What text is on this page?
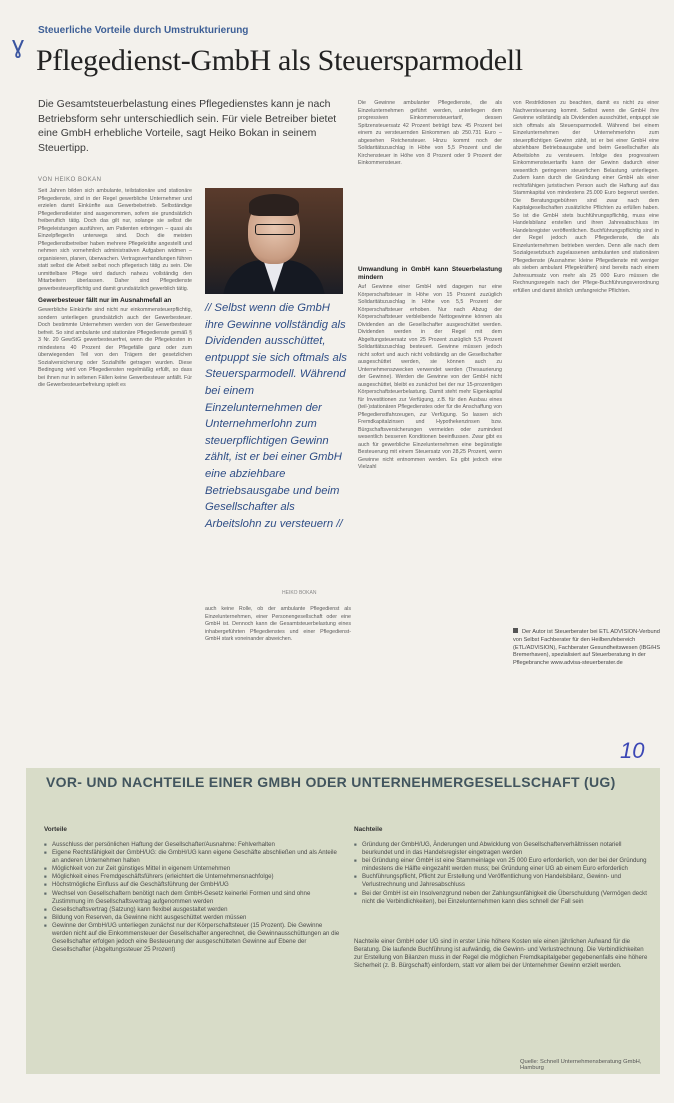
ɣ
Steuerliche Vorteile durch Umstrukturierung
Pflegedienst-GmbH als Steuersparmodell
Die Gesamtsteuerbelastung eines Pflegedienstes kann je nach Betriebsform sehr unterschiedlich sein. Für viele Betreiber bietet eine GmbH erhebliche Vorteile, sagt Heiko Bokan in seinem Steuertipp.
VON HEIKO BOKAN

Seit Jahren bilden sich ambulante, teilstationäre und stationäre Pflegedienste, sind in der Regel gewerbliche Unternehmer und erzielen damit Einkünfte aus Gewerbebetrieb. Selbständige Pflegedienstleister sind ausgenommen, sofern sie grundsätzlich freiberuflich tätig. Doch das gilt nur, solange sie selbst die Pflegeleistungen ausführen, am Patienten erbringen – quasi als Einzelpfleger/in unterwegs sind. Doch die meisten Pflegedienstbetreiber haben mehrere Pflegekräfte angestellt und nehmen sich vornehmlich administrativen Aufgaben widmen – organisieren, planen, überwachen. Vertragsverhandlungen führen statt selbst die Arbeit selbst noch pflegerisch tätig zu sein. Die unmittelbare Pflege wird dadurch nahezu vollständig den Mitarbeitern überlassen. Daher sind Pflegedienste gewerbesteuerpflichtig und damit grundsätzlich gewerblich tätig.

Gewerbesteuer fällt nur im Ausnahmefall an

Gewerbliche Einkünfte sind nicht nur einkommensteuerpflichtig, sondern unterliegen grundsätzlich auch der Gewerbesteuer. Doch bestimmte Unternehmen werden von der Gewerbesteuer befreit. So sind ambulante und stationäre Pflegedienste gemäß § 3 Nr. 20 GewStG gewerbesteuerfrei, wenn die Pflegekosten in mindestens 40 Prozent der Pflegefälle ganz oder zum überwiegenden Teil von den Trägern der gesetzlichen Sozialversicherung oder Sozialhilfe getragen wurden. Diese Bedingung wird von Pflegediensten regelmäßig erfüllt, so dass bei ihnen nur in seltenen Fällen keine Gewerbesteuer anfällt. Für die Gewerbesteuerbefreiung spielt es

auch keine Rolle, ob der ambulante Pflegedienst als Einzelunternehmen, einer Personengesellschaft oder eine GmbH ist. Dennoch kann die Gesamtsteuerbelastung eines inhabergeführten Pflegedienstes und einer Pflegedienst-GmbH stark voneinander abweichen.

// Selbst wenn die GmbH ihre Gewinne vollständig als Dividenden ausschüttet, entpuppt sie sich oftmals als Steuersparmodell. Während bei einem Einzelunternehmen der Unternehmerlohn zum steuerpflichtigen Gewinn zählt, ist er bei einer GmbH eine abziehbare Betriebsausgabe und beim Gesellschafter als Arbeitslohn zu versteuern //
HEIKO BOKAN

Die Gewinne ambulanter Pflegedienste, die als Einzelunternehmen geführt werden, unterliegen dem progressiven Einkommensteuertarif, dessen Spitzensteuersatz 42 Prozent beträgt bzw. 45 Prozent bei einem zu versteuernden Einkommen ab 250.731 Euro – abgesehen Reichensteuer. Hinzu kommt noch der Solidaritätszuschlag in Höhe von 5,5 Prozent und die Kirchensteuer in Höhe von 8 Prozent oder 9 Prozent der Einkommensteuer.

Umwandlung in GmbH kann Steuerbelastung mindern

Auf Gewinne einer GmbH wird dagegen nur eine Körperschaftsteuer in Höhe von 15 Prozent zuzüglich Solidaritätszuschlag in Höhe von 5,5 Prozent der Körperschaftsteuer erhoben. Nur nach Abzug der Körperschaftsteuer verbleibende Nettogewinne können als Dividenden an die Gesellschafter ausgeschüttet werden. Dividenden werden in der Regel mit dem Abgeltungsteuersatz von 25 Prozent zuzüglich 5,5 Prozent Solidaritätszuschlag besteuert. Gewinne müssen jedoch nicht sofort und auch nicht vollständig an die Gesellschafter ausgeschüttet werden, sie können auch zu Unternehmenszwecken verwendet werden (Thesaurierung der Gewinne). Werden die Gewinne von der GmbH nicht ausgeschüttet, bleibt es zunächst bei der nur 15-prozentigen Körperschaftsteuerbelastung. Damit steht mehr Eigenkapital für Investitionen zur Verfügung, z.B. für den Ausbau eines (teil-)stationären Pflegedienstes oder für die Anschaffung von Pflegedienstfahrzeugen, zur Verfügung. So lassen sich Fremdkapitalzinsen und Hypothekenzinsen bzw. Bürgschaftsversicherungen vermeiden oder zumindest wesentlich besseren Konditionen beeinflussen. Zwar gibt es auch für gewerbliche Einzelunternehmen eine begünstigte Besteuerung mit einem Steuersatz von 28,25 Prozent, wenn Gewinne nicht entnommen werden. Es gibt jedoch eine Vielzahl

von Restriktionen zu beachten, damit es nicht zu einer Nachversteuerung kommt. Selbst wenn die GmbH ihre Gewinne vollständig als Dividenden ausschüttet, entpuppt sie sich oftmals als Steuersparmodell. Während bei einem Einzelunternehmen der Unternehmerlohn zum steuerpflichtigen Gewinn zählt, ist er bei einer GmbH eine abziehbare Betriebsausgabe und beim Gesellschafter als Arbeitslohn zu versteuern. Infolge des progressiven Einkommensteuertarifs kann der Gewinn dadurch einer wesentlich geringeren steuerlichen Belastung unterliegen. Zudem kann durch die Gründung einer GmbH als einer rechtsfähigen juristischen Person auch die Haftung auf das Stammkapital von mindestens 25.000 Euro begrenzt werden. Die Beratungsgebühren sind zwar nach dem Kapitalgesellschaften zusätzliche Pflichten zu erfüllen haben. So ist die GmbH stets buchführungspflichtig, muss eine Handelsbilanz erstellen und ihren Jahresabschluss im Handelsregister veröffentlichen. Buchführungspflichtig sind in der Regel jedoch auch Pflegedienste, die als Einzelunternehmen betrieben werden. Denn alle nach dem Sozialgesetzbuch zugelassenen ambulanten und stationären Pflegedienste (Ausnahme: kleine Pflegedienste mit weniger als sieben ambulant Pflegekräften) sind bereits nach einem Jahresumsatz von mehr als 25 000 Euro müssen die Rechnungsregeln nach der Pflege-Buchführungsverordnung erfüllen und damit ähnlich umfangreiche Pflichten.

Der Autor ist Steuerberater bei ETL ADVISION-Verbund von Selbst Fachberater für den Heilberufebereich (ETL/ADVISION), Fachberater Gesundheitswesen (IBG/HS Bremerhaven), spezialisiert auf Steuerberatung in der Pflegebranche www.advisa-steuerberater.de
10
VOR- UND NACHTEILE EINER GMBH ODER UNTERNEHMERGESELLSCHAFT (UG)
Vorteile	Nachteile
■ Ausschluss der persönlichen Haftung der Gesellschafter/Ausnahme: Fehlverhalten
■ Eigene Rechtsfähigkeit der GmbH/UG: die GmbH/UG kann eigene Geschäfte abschließen und als Anteile an anderen Unternehmen halten
■ Möglichkeit von zur Zeit günstiges Mittel in eigenem Unternehmen
■ Möglichkeit eines Fremdgeschäftsführers (erleichtert die Unternehmensnachfolge)
■ Höchstmögliche Einfluss auf die Geschäftsführung der GmbH/UG
■ Wechsel von Gesellschaftern benötigt nach dem GmbH-Gesetz keinerlei Formen und sind ohne Zustimmung im Gesellschaftsvertrag aufgenommen werden
■ Gesellschaftsvertrag (Satzung) kann flexibel ausgestaltet werden
■ Bildung von Reserven, da Gewinne nicht ausgeschüttet werden müssen
■ Gewinne der GmbH/UG unterliegen zunächst nur der Körperschaftsteuer (15 Prozent). Die Gewinne werden nicht auf die Einkommensteuer der Gesellschafter angerechnet, die Gewinnausschüttungen an die Gesellschafter erfolgen jedoch eine Besteuerung der ausgeschütteten Gewinne auf Ebene der Gesellschafter (Abgeltungssteuer 25 Prozent)
■ Gründung der GmbH/UG, Änderungen und Abwicklung von Gesellschafterverhältnissen notariell beurkundet und in das Handelsregister eingetragen werden
■ bei Gründung einer GmbH ist eine Stammeinlage von 25 000 Euro erforderlich, von der bei der Gründung mindestens die Hälfte eingezahlt werden muss; bei Gründung einer UG ab einem Euro erforderlich
■ Buchführungspflicht, Pflicht zur Erstellung und Veröffentlichung von Handelsbilanz, Gewinn- und Verlustrechnung und Jahresabschluss
■ Bei der GmbH ist ein Insolvenzgrund neben der Zahlungsunfähigkeit die Überschuldung (Vermögen deckt nicht die Verbindlichkeiten), bei Einzelunternehmen kann dies schnell der Fall sein
Nachteile einer GmbH oder UG sind in erster Linie höhere Kosten wie einen jährlichen Aufwand für die Beratung. Die laufende Buchführung ist aufwändig, die Gewinn- und Verlustrechnung. Die Verbindlichkeiten zur Erstellung von Bilanzen muss in der Regel die möglichen Fremdkapitalgeber gegebenenfalls eine höhere Sicherheit (z. B. Bürgschaft) einfordern, statt vor allem bei der Unternehmer Gewinn erzielt werden.
Quelle: Schnell Unternehmensberatung GmbH, Hamburg
